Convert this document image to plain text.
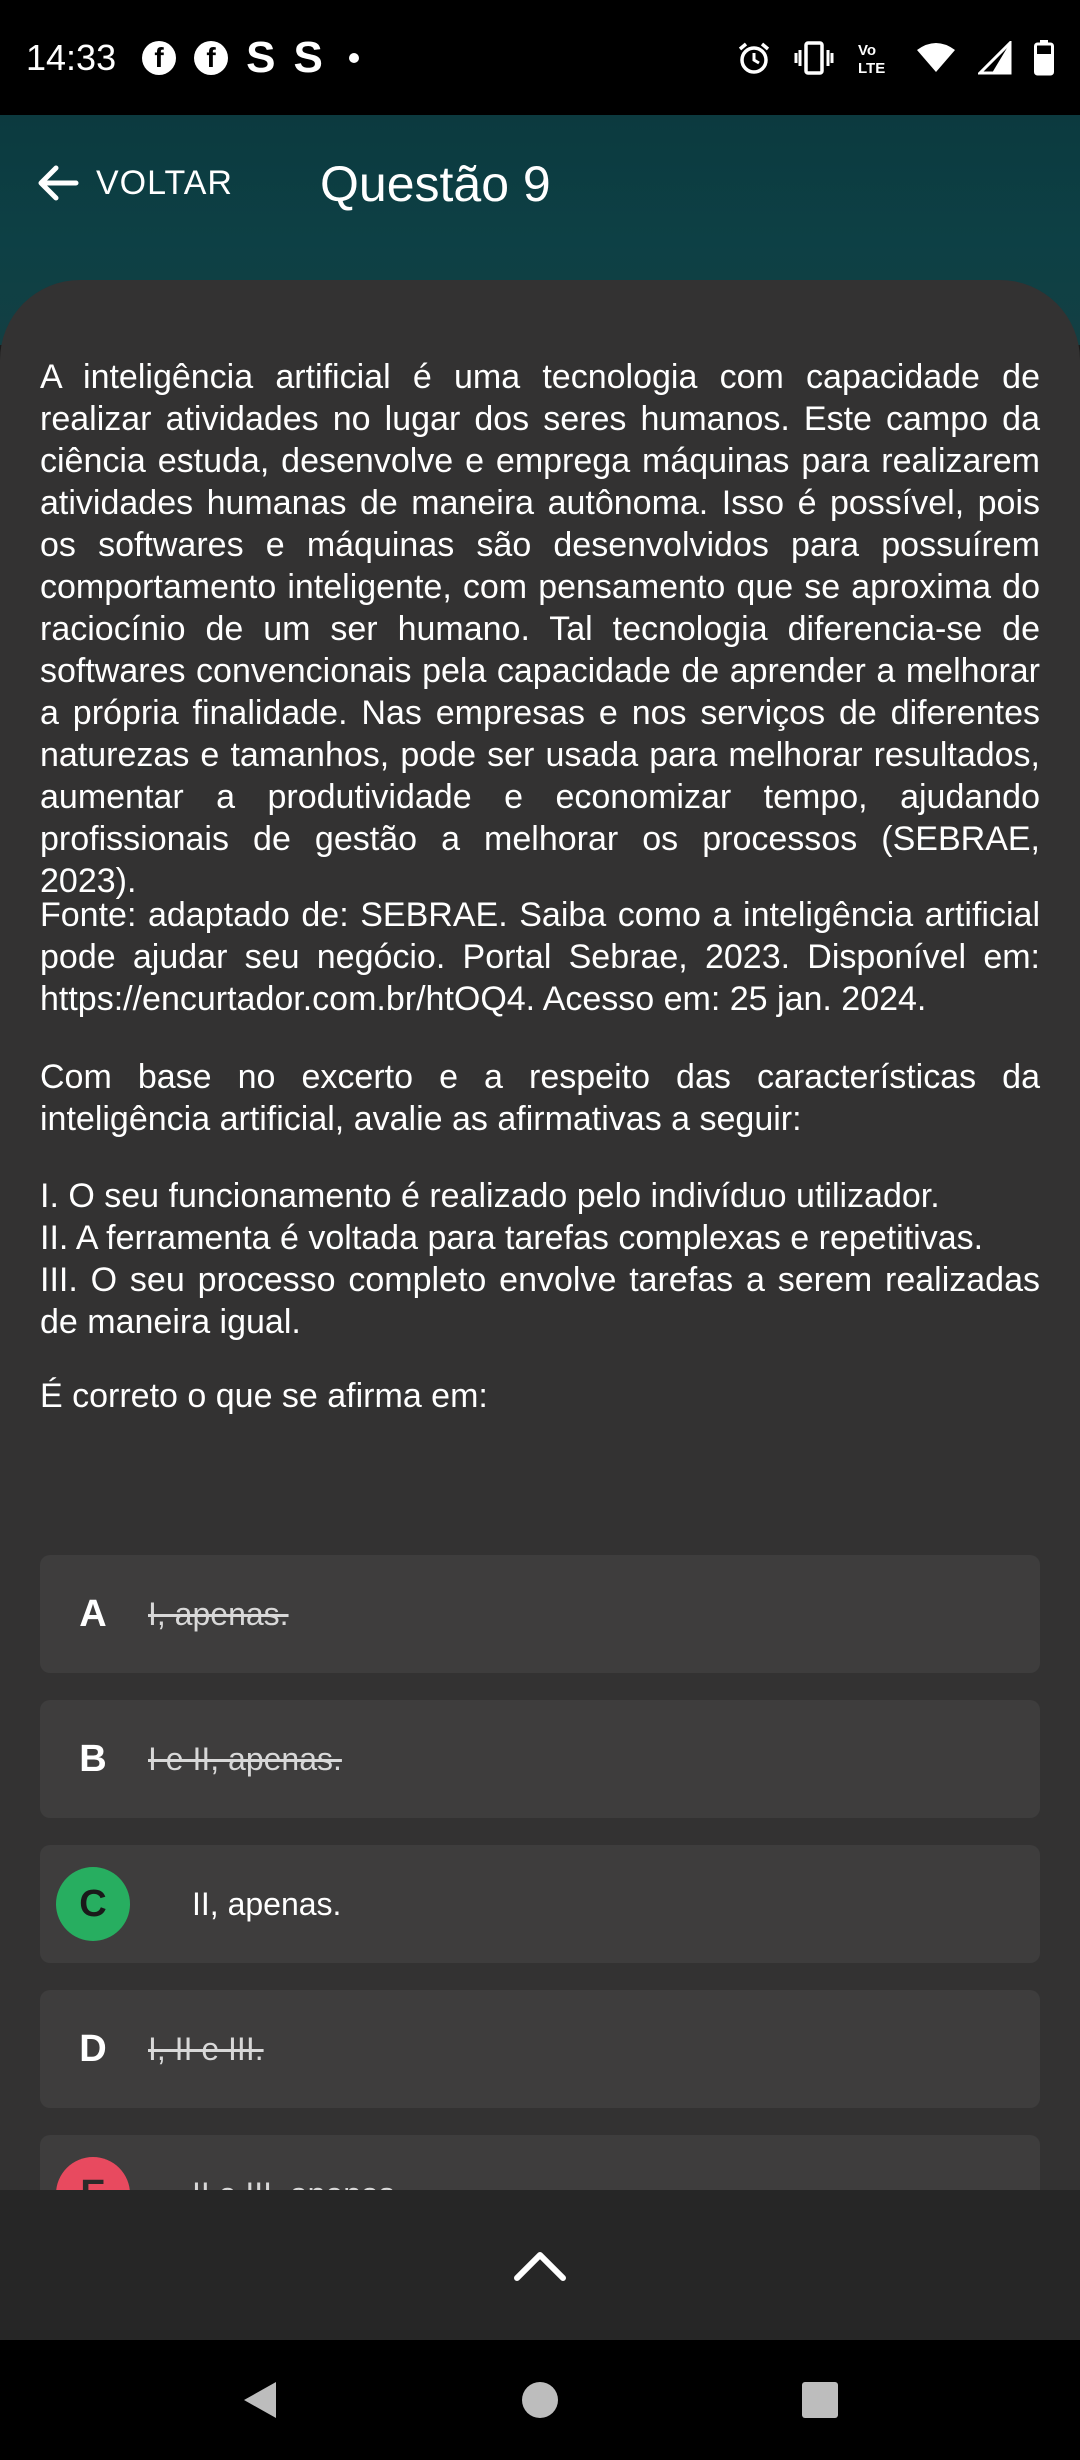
14:33	f	f S S	Vo
LTE
VOLTAR Questão 9
A inteligência artificial é uma tecnologia com capacidade de realizar atividades no lugar dos seres humanos. Este campo da ciência estuda, desenvolve e emprega máquinas para realizarem atividades humanas de maneira autônoma. Isso é possível, pois os softwares e máquinas são desenvolvidos para possuírem comportamento inteligente, com pensamento que se aproxima do raciocínio de um ser humano. Tal tecnologia diferencia-se de softwares convencionais pela capacidade de aprender a melhorar a própria finalidade. Nas empresas e nos serviços de diferentes naturezas e tamanhos, pode ser usada para melhorar resultados, aumentar a produtividade e economizar tempo, ajudando profissionais de gestão a melhorar os processos (SEBRAE, 2023).
Fonte: adaptado de: SEBRAE. Saiba como a inteligência artificial pode ajudar seu negócio. Portal Sebrae, 2023. Disponível em: https://encurtador.com.br/htOQ4. Acesso em: 25 jan. 2024.
Com base no excerto e a respeito das características da inteligência artificial, avalie as afirmativas a seguir:
I. O seu funcionamento é realizado pelo indivíduo utilizador.
II. A ferramenta é voltada para tarefas complexas e repetitivas.
III. O seu processo completo envolve tarefas a serem realizadas de maneira igual.
É correto o que se afirma em:
A I, apenas.
B I e II, apenas.
C	II, apenas.
D I, II e III.
